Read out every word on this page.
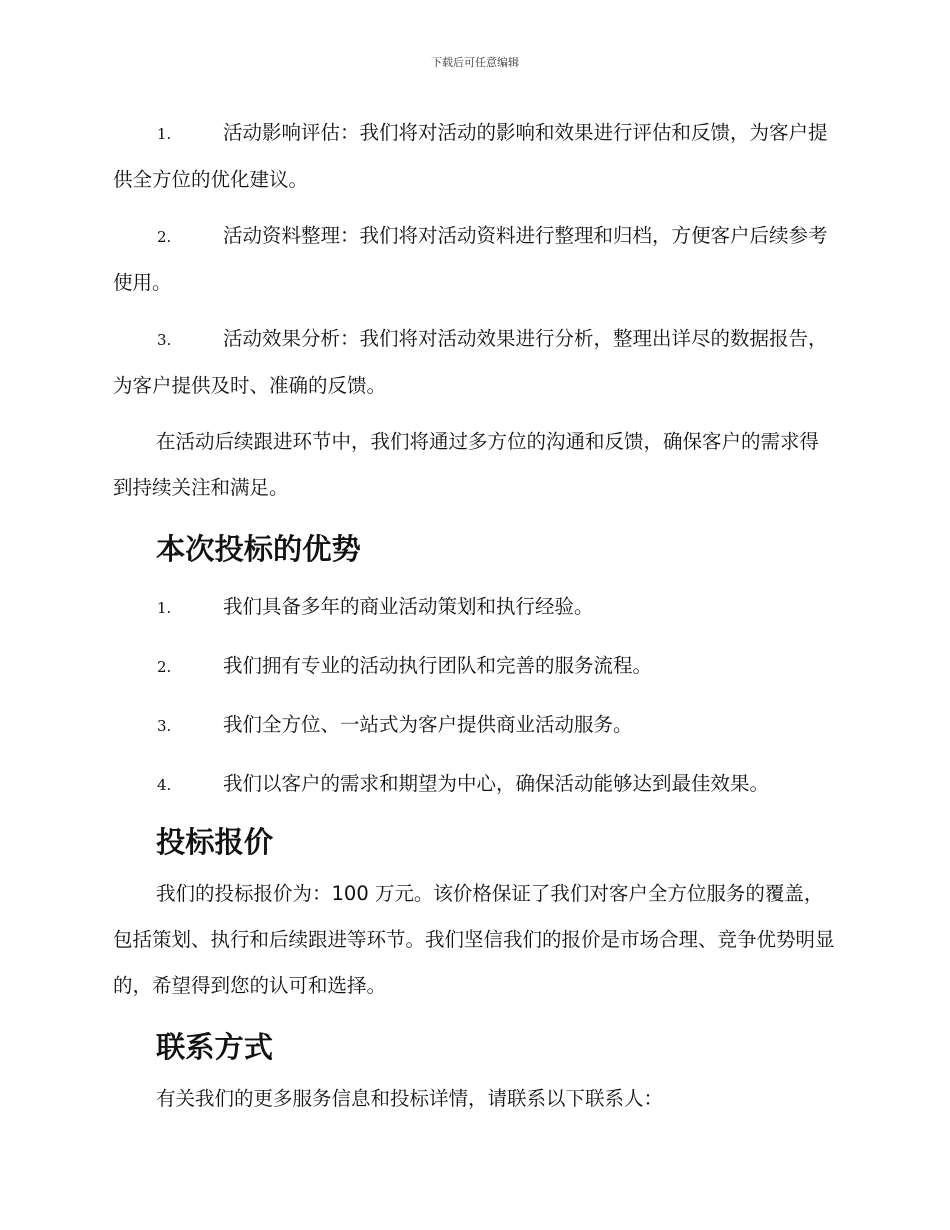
下载后可任意编辑

1.	活动影响评估：我们将对活动的影响和效果进行评估和反馈，为客户提供全方位的优化建议。

2.	活动资料整理：我们将对活动资料进行整理和归档，方便客户后续参考使用。

3.	活动效果分析：我们将对活动效果进行分析，整理出详尽的数据报告，为客户提供及时、准确的反馈。

在活动后续跟进环节中，我们将通过多方位的沟通和反馈，确保客户的需求得到持续关注和满足。

本次投标的优势

1.	我们具备多年的商业活动策划和执行经验。

2.	我们拥有专业的活动执行团队和完善的服务流程。

3.	我们全方位、一站式为客户提供商业活动服务。

4.	我们以客户的需求和期望为中心，确保活动能够达到最佳效果。

投标报价

我们的投标报价为：100 万元。该价格保证了我们对客户全方位服务的覆盖，包括策划、执行和后续跟进等环节。我们坚信我们的报价是市场合理、竞争优势明显的，希望得到您的认可和选择。

联系方式

有关我们的更多服务信息和投标详情，请联系以下联系人：
